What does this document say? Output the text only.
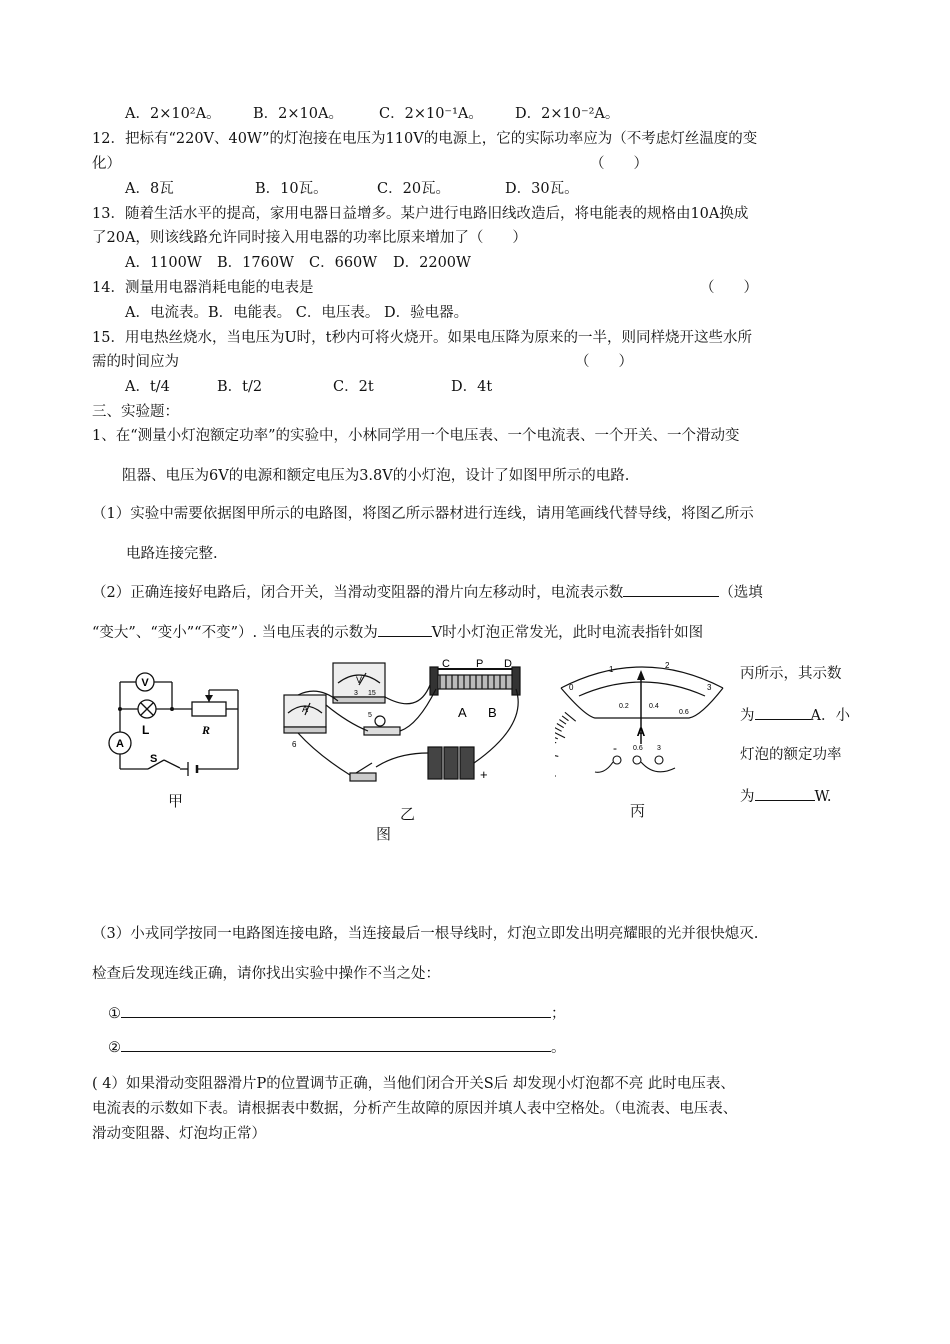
A．2×10²A。 B．2×10A。 C．2×10⁻¹A。 D．2×10⁻²A。
12．把标有“220V、40W”的灯泡接在电压为110V的电源上，它的实际功率应为（不考虑灯丝温度的变
化）	（　　）
A．8瓦	B．10瓦。	C．20瓦。	D．30瓦。
13．随着生活水平的提高，家用电器日益增多。某户进行电路旧线改造后，将电能表的规格由10A换成
了20A，则该线路允许同时接入用电器的功率比原来增加了（　　）
A．1100W B．1760W C．660W D．2200W
14．测量用电器消耗电能的电表是	（　　）
A．电流表。B．电能表。 C．电压表。 D．验电器。
15．用电热丝烧水，当电压为U时，t秒内可将火烧开。如果电压降为原来的一半，则同样烧开这些水所
需的时间应为	（　　）
A．t/4	B．t/2	C．2t	D．4t
三、实验题：
1、在“测量小灯泡额定功率”的实验中，小林同学用一个电压表、一个电流表、一个开关、一个滑动变
阻器、电压为6V的电源和额定电压为3.8V的小灯泡，设计了如图甲所示的电路.
（1）实验中需要依据图甲所示的电路图，将图乙所示器材进行连线，请用笔画线代替导线，将图乙所示
电路连接完整.
（2）正确连接好电路后，闭合开关，当滑动变阻器的滑片向左移动时，电流表示数	（选填
“变大”、“变小”“不变”）. 当电压表的示数为	V时小灯泡正常发光，此时电流表指针如图
丙所示，其示数
为	A．小
灯泡的额定功率
为	W.
V
A
L	R
S
甲
A B
C P D
V
A
5
6
15
3
+
乙
图
A
0
1	2
3
0.2	0.4
0.6
- 0.6 3
丙
（3）小戎同学按同一电路图连接电路，当连接最后一根导线时，灯泡立即发出明亮耀眼的光并很快熄灭.
检查后发现连线正确，请你找出实验中操作不当之处：
①	；
②	。
( 4）如果滑动变阻器滑片P的位置调节正确，当他们闭合开关S后 却发现小灯泡都不亮 此时电压表、
电流表的示数如下表。请根据表中数据，分析产生故障的原因并填人表中空格处。（电流表、电压表、
滑动变阻器、灯泡均正常）
